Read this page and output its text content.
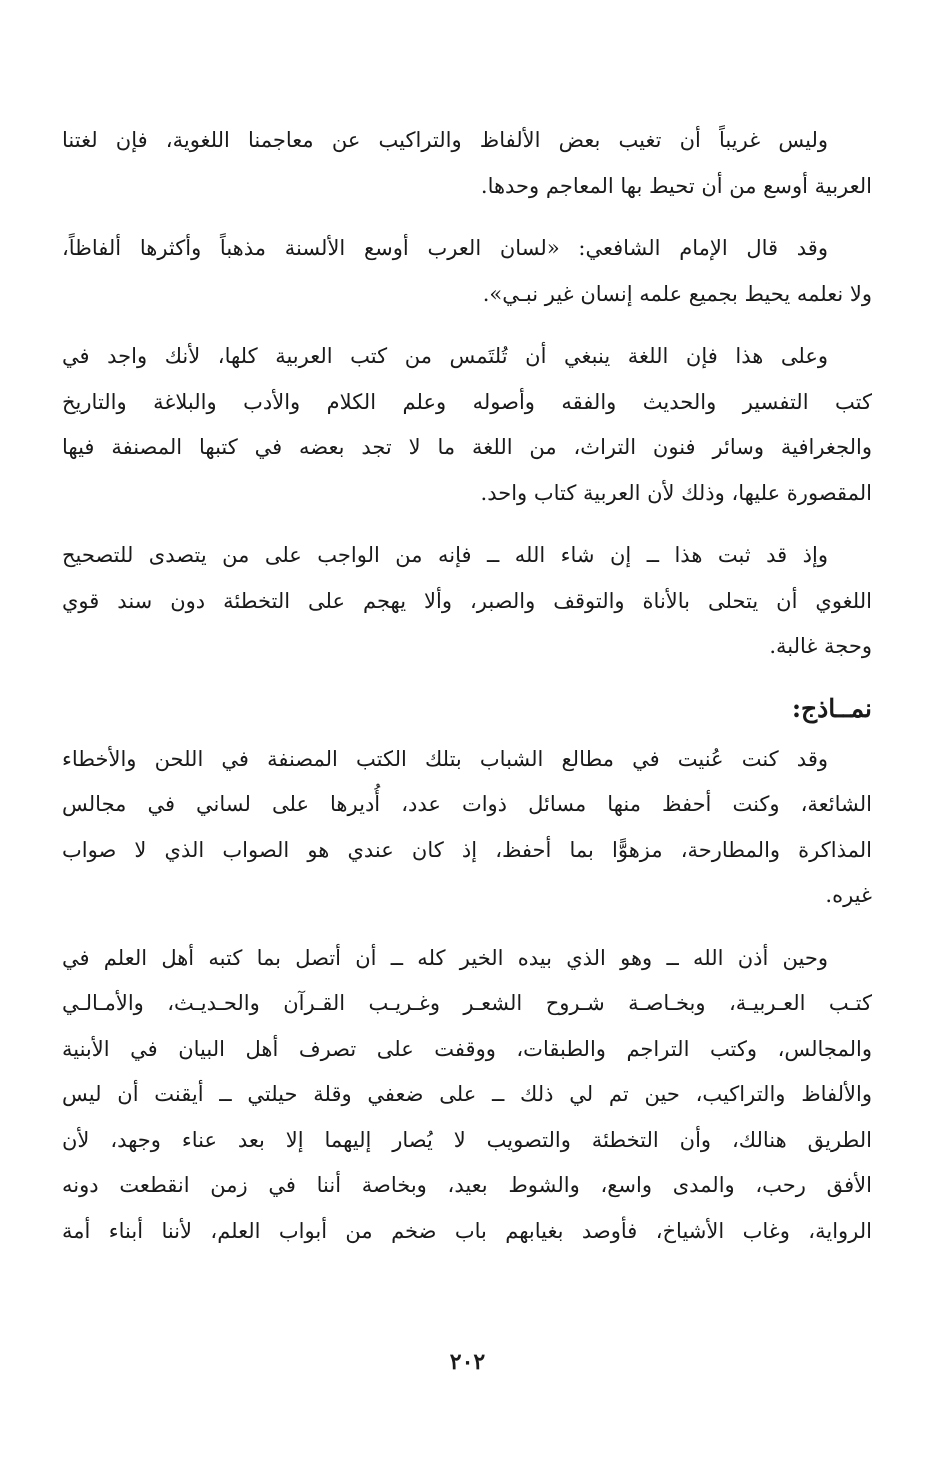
وليس غريباً أن تغيب بعض الألفاظ والتراكيب عن معاجمنا اللغوية، فإن لغتنا
العربية أوسع من أن تحيط بها المعاجم وحدها.

وقد قال الإمام الشافعي: «لسان العرب أوسع الألسنة مذهباً وأكثرها ألفاظاً،
ولا نعلمه يحيط بجميع علمه إنسان غير نبـي».

وعلى هذا فإن اللغة ينبغي أن تُلتَمس من كتب العربية كلها، لأنك واجد في
كتب التفسير والحديث والفقه وأصوله وعلم الكلام والأدب والبلاغة والتاريخ
والجغرافية وسائر فنون التراث، من اللغة ما لا تجد بعضه في كتبها المصنفة فيها
المقصورة عليها، وذلك لأن العربية كتاب واحد.

وإذ قد ثبت هذا ــ إن شاء الله ــ فإنه من الواجب على من يتصدى للتصحيح
اللغوي أن يتحلى بالأناة والتوقف والصبر، وألا يهجم على التخطئة دون سند قوي
وحجة غالبة.

نمــاذج:

وقد كنت عُنيت في مطالع الشباب بتلك الكتب المصنفة في اللحن والأخطاء
الشائعة، وكنت أحفظ منها مسائل ذوات عدد، أُديرها على لساني في مجالس
المذاكرة والمطارحة، مزهوًّا بما أحفظ، إذ كان عندي هو الصواب الذي لا صواب
غيره.

وحين أذن الله ــ وهو الذي بيده الخير كله ــ أن أتصل بما كتبه أهل العلم في
كتـب العـربيـة، وبخـاصـة شـروح الشعـر وغـريـب القـرآن والحـديـث، والأمـالـي
والمجالس، وكتب التراجم والطبقات، ووقفت على تصرف أهل البيان في الأبنية
والألفاظ والتراكيب، حين تم لي ذلك ــ على ضعفي وقلة حيلتي ــ أيقنت أن ليس
الطريق هنالك، وأن التخطئة والتصويب لا يُصار إليهما إلا بعد عناء وجهد، لأن
الأفق رحب، والمدى واسع، والشوط بعيد، وبخاصة أننا في زمن انقطعت دونه
الرواية، وغاب الأشياخ، فأوصد بغيابهم باب ضخم من أبواب العلم، لأننا أبناء أمة

٢٠٢
